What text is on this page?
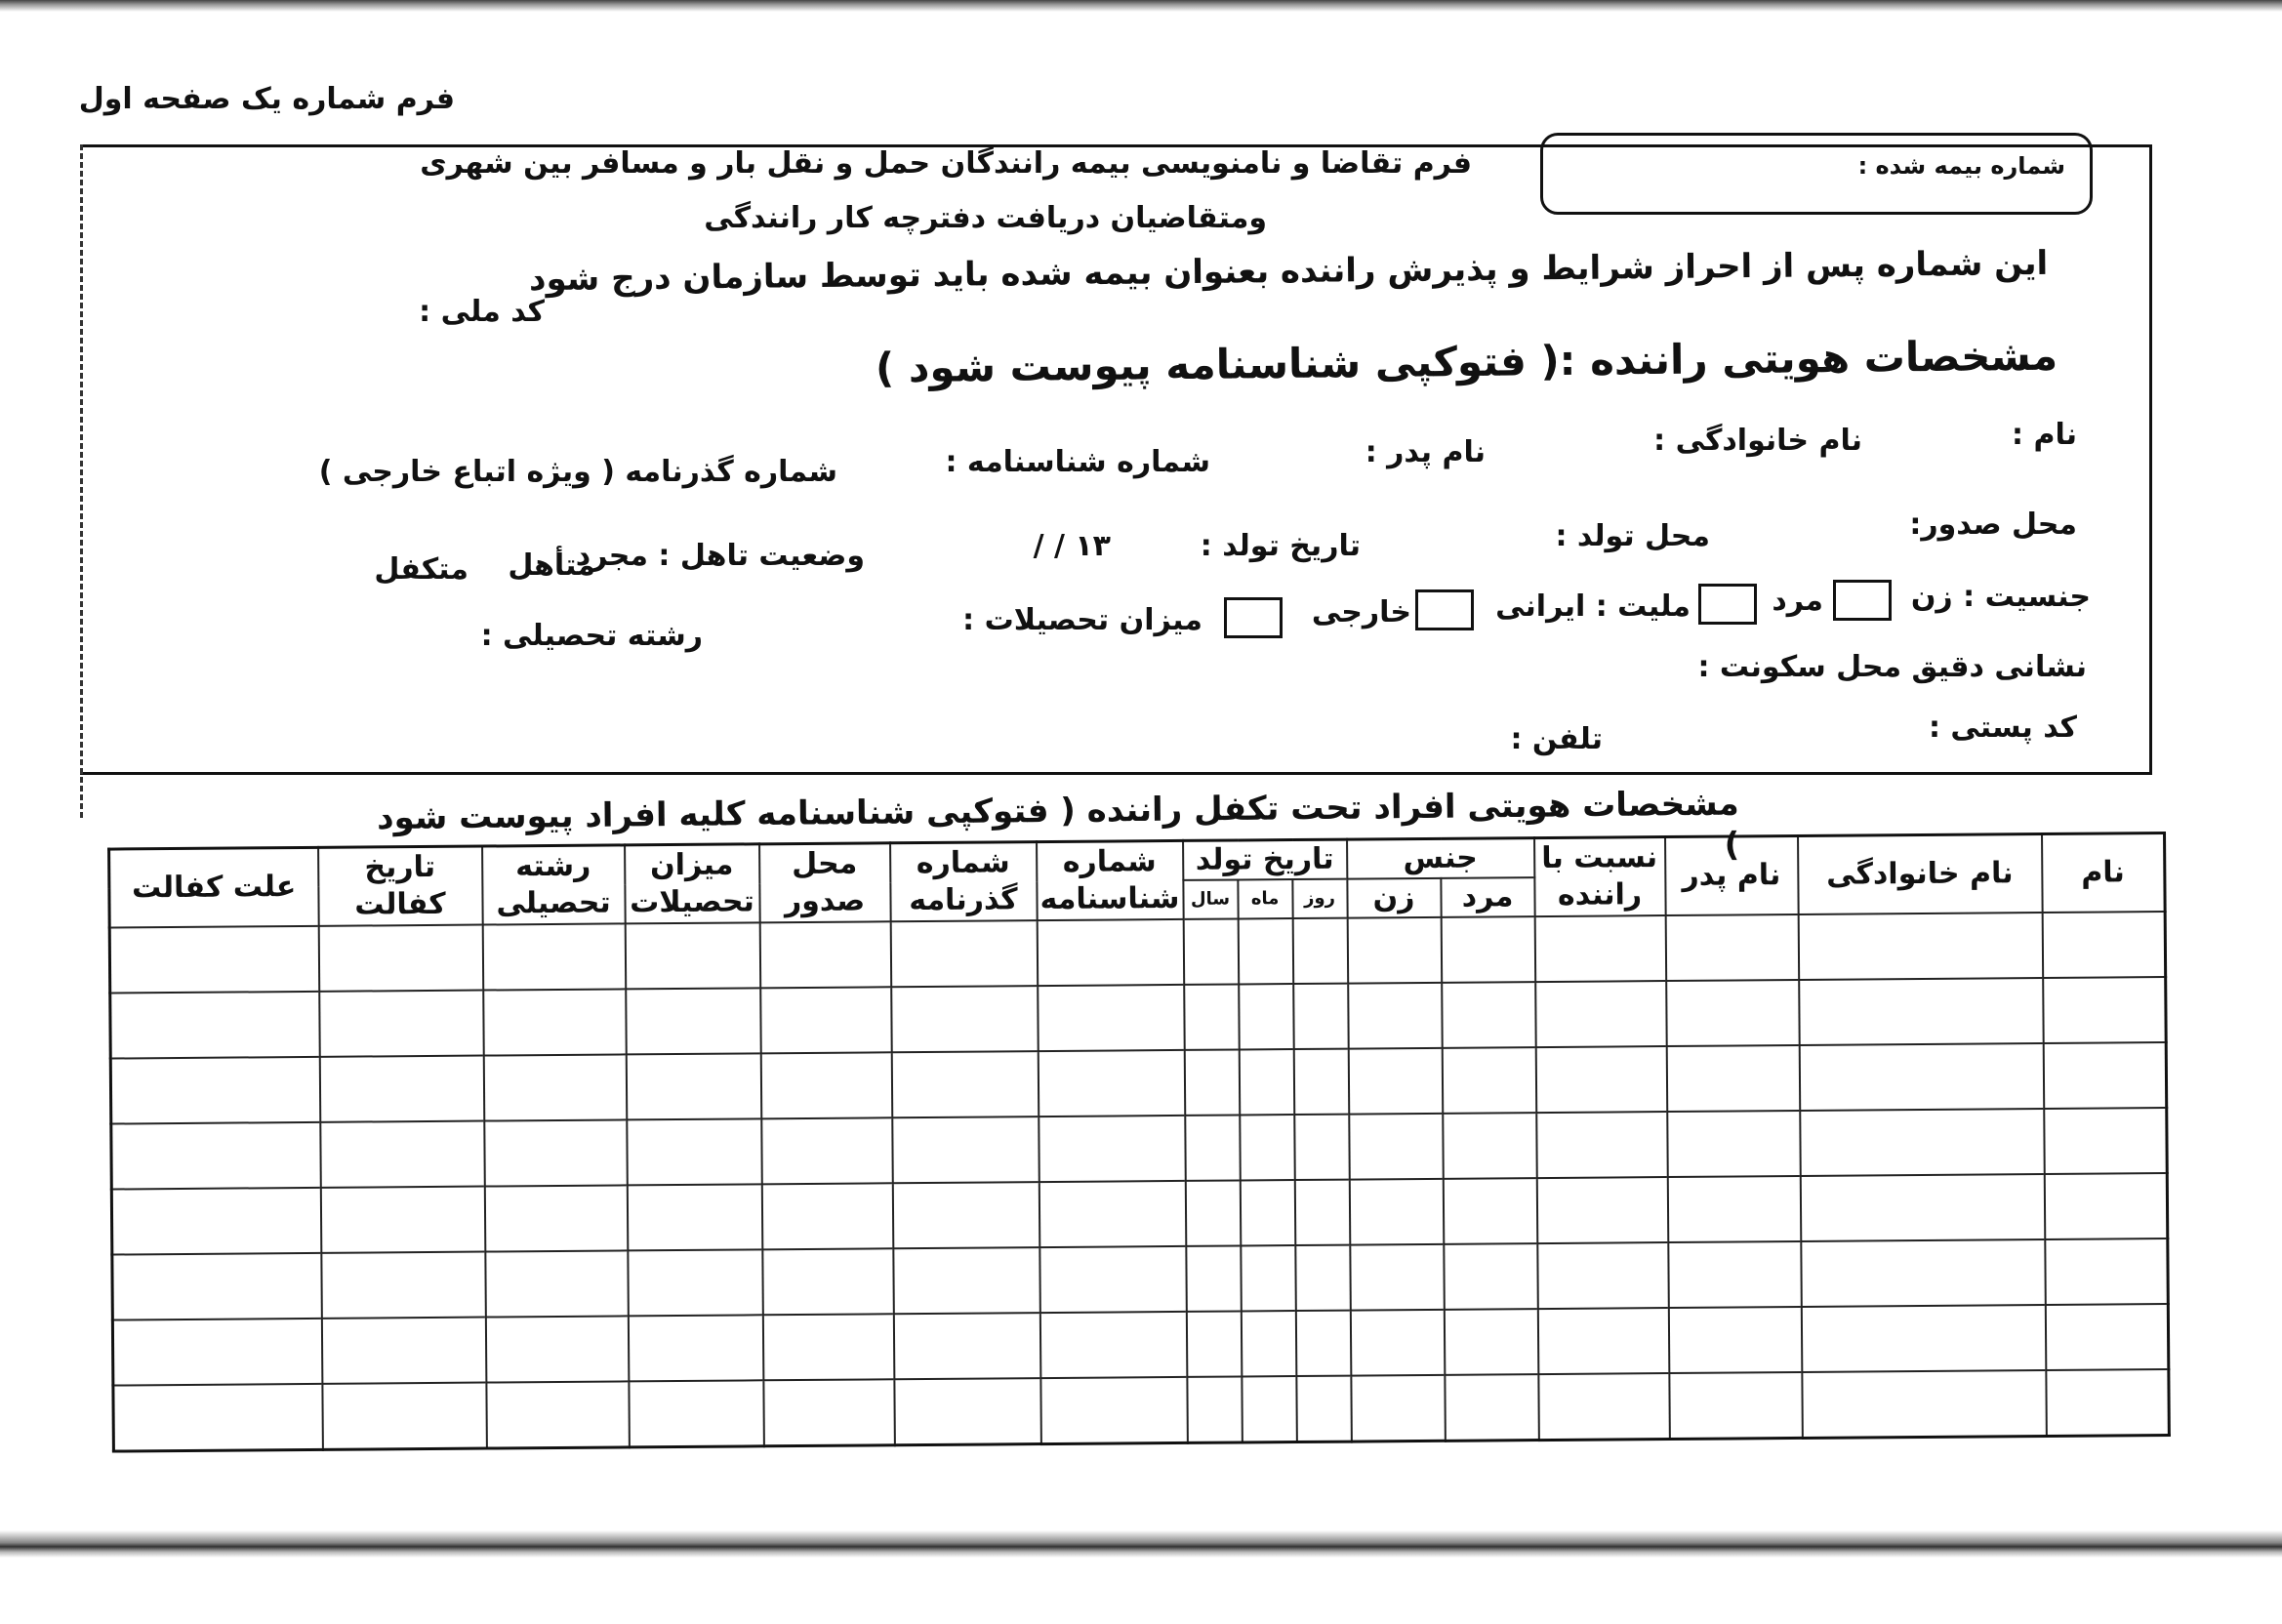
فرم شماره یک صفحه اول
شماره بیمه شده :
فرم تقاضا و نامنویسی بیمه رانندگان حمل و نقل بار و مسافر بین شهری
ومتقاضیان دریافت دفترچه کار رانندگی
این شماره پس از احراز شرایط و پذیرش راننده بعنوان بیمه شده باید توسط سازمان درج شود
کد ملی :
مشخصات هویتی راننده :( فتوکپی شناسنامه پیوست شود )
نام :
نام خانوادگی :
نام پدر :
شماره شناسنامه :
شماره گذرنامه ( ویژه اتباع خارجی )
محل صدور:
محل تولد :
تاریخ تولد :
/ / ۱۳
وضعیت تاهل : مجرد
متأهل
متکفل
جنسیت : زن
مرد
ملیت : ایرانی
خارجی
میزان تحصیلات :
رشته تحصیلی :
نشانی دقیق محل سکونت :
کد پستی :
تلفن :
مشخصات هویتی افراد تحت تکفل راننده ( فتوکپی شناسنامه کلیه افراد پیوست شود )
نام	نام خانوادگی	نام پدر	نسبت با راننده	جنس		تاریخ تولد			شماره شناسنامه	شماره گذرنامه	محل صدور	میزان تحصیلات	رشته تحصیلی	تاریخ کفالت	علت کفالت
				مرد	زن	روز	ماه	سال							
